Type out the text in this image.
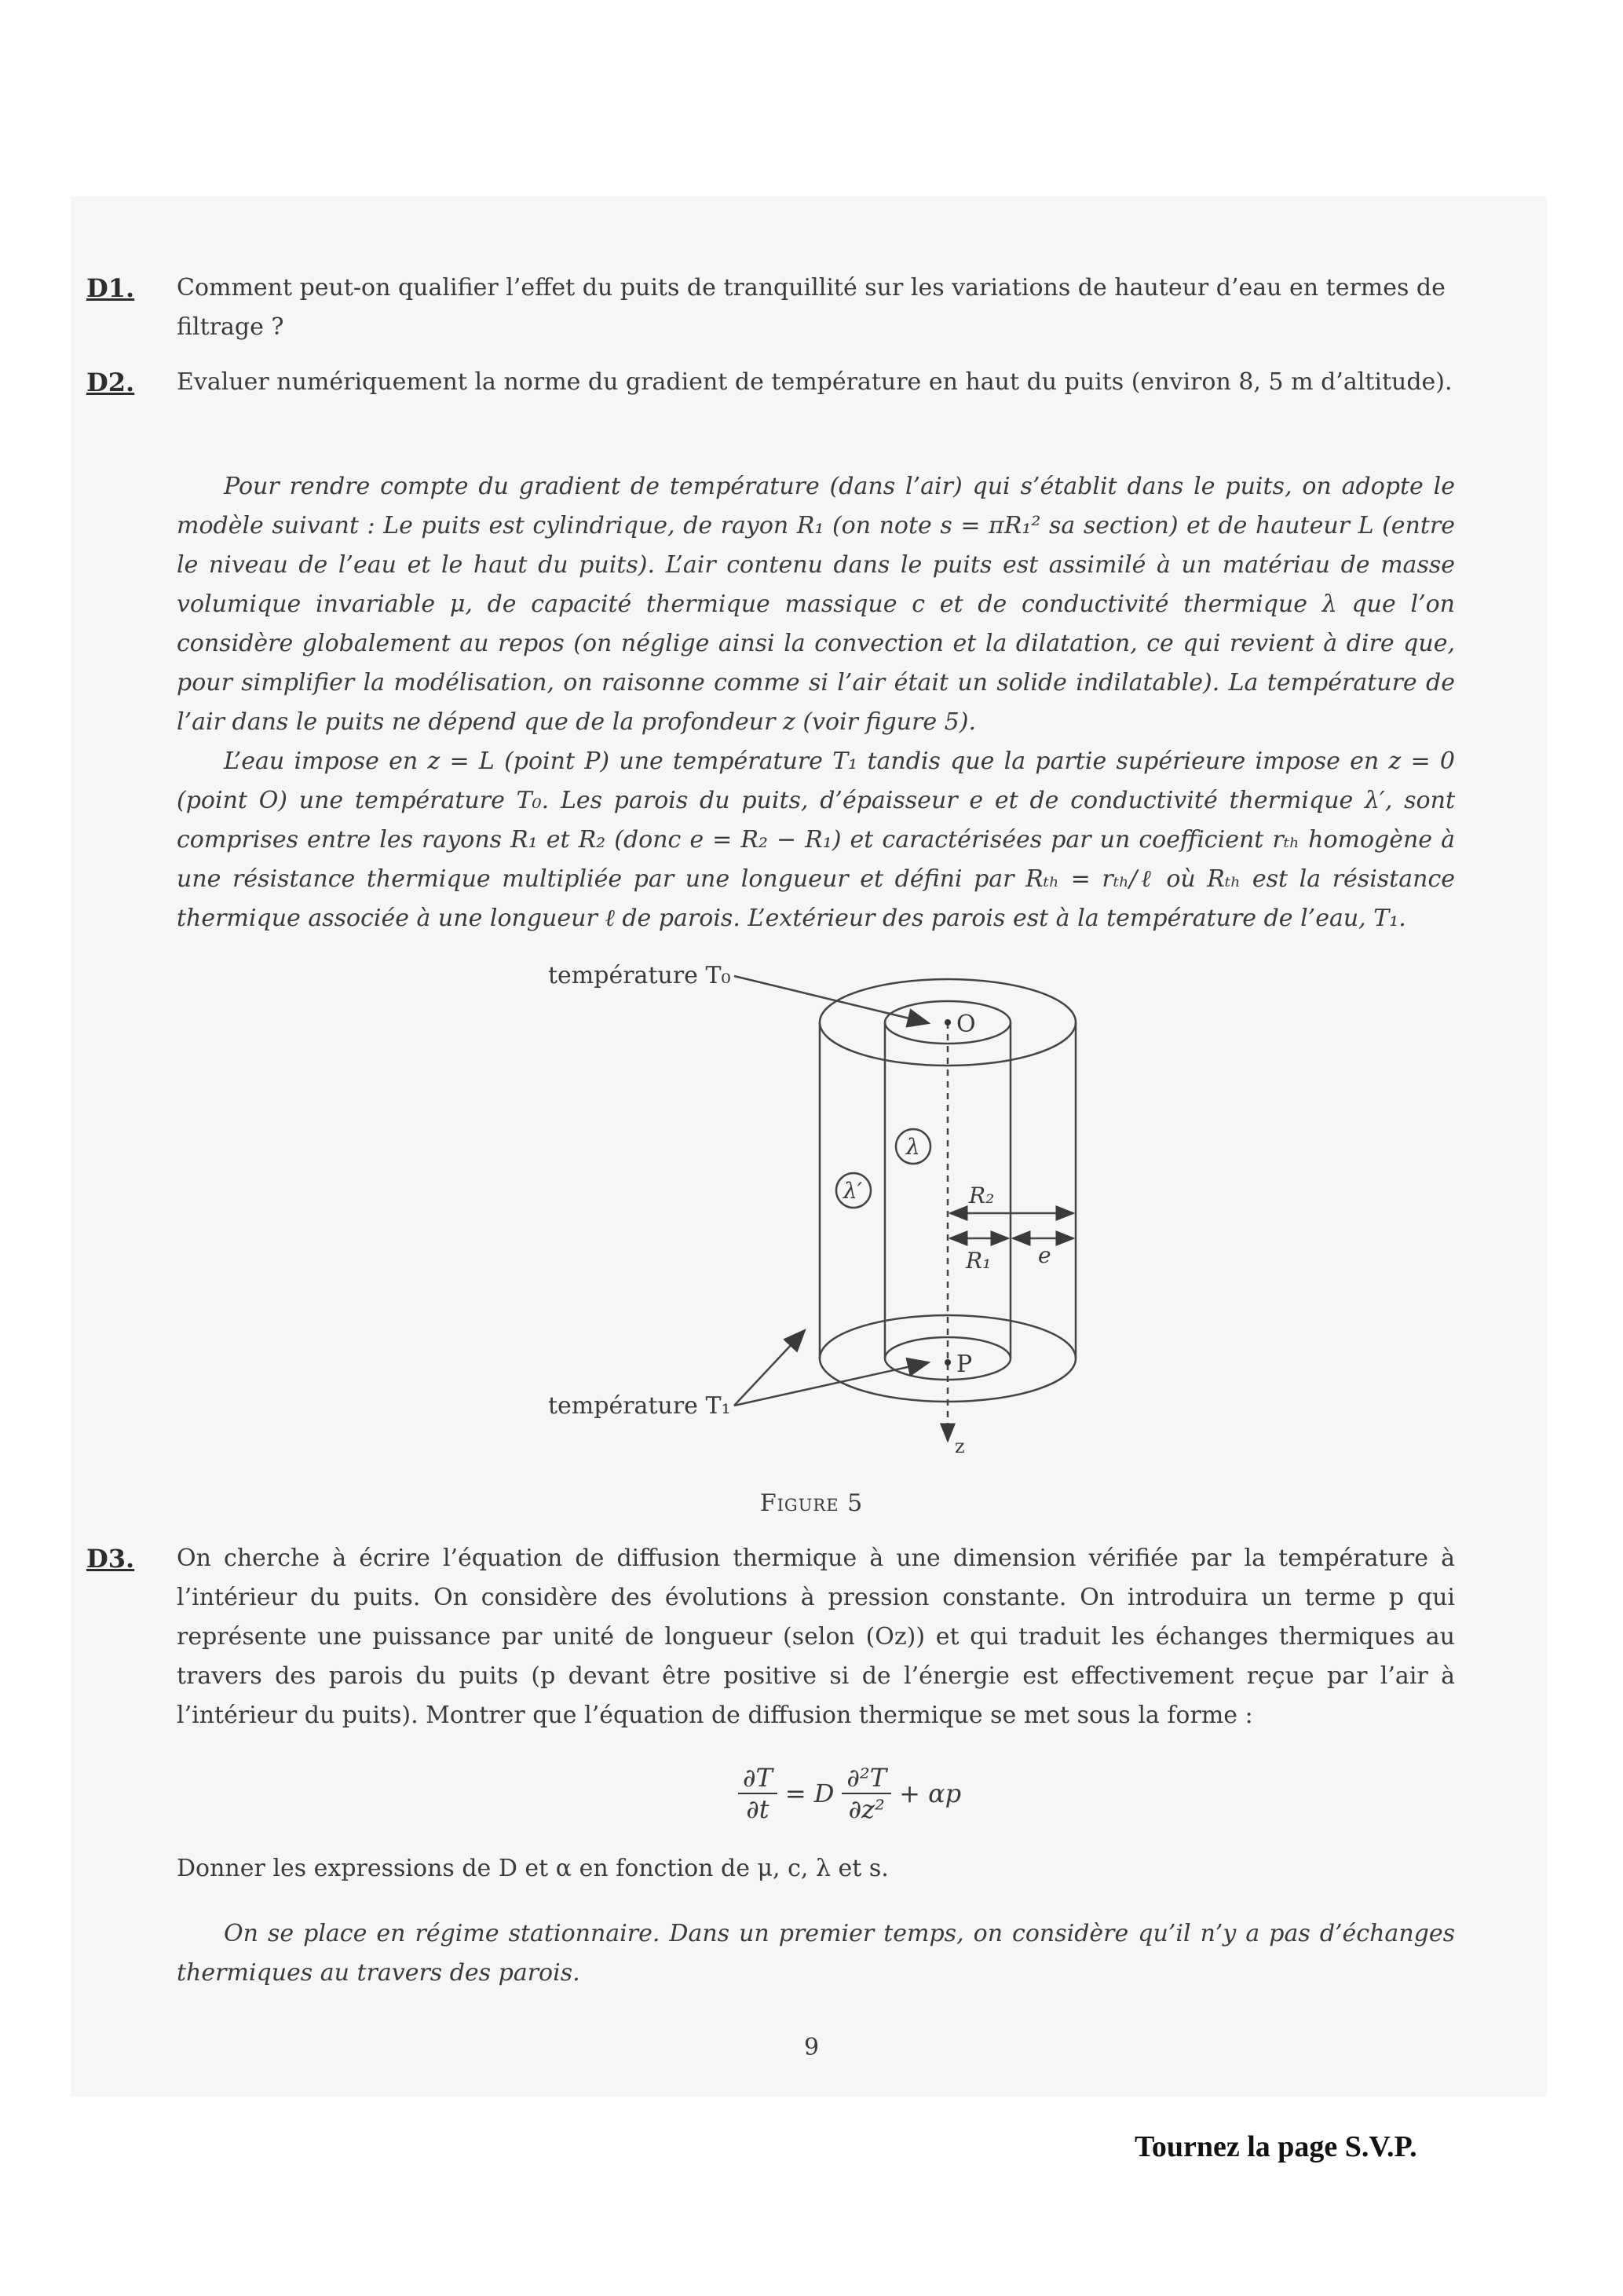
D1. Comment peut-on qualifier l’effet du puits de tranquillité sur les variations de hauteur d’eau en termes de filtrage ?
D2. Evaluer numériquement la norme du gradient de température en haut du puits (environ 8, 5 m d’altitude).

Pour rendre compte du gradient de température (dans l’air) qui s’établit dans le puits, on adopte le modèle suivant : Le puits est cylindrique, de rayon R₁ (on note s = πR₁² sa section) et de hauteur L (entre le niveau de l’eau et le haut du puits). L’air contenu dans le puits est assimilé à un matériau de masse volumique invariable μ, de capacité thermique massique c et de conductivité thermique λ que l’on considère globalement au repos (on néglige ainsi la convection et la dilatation, ce qui revient à dire que, pour simplifier la modélisation, on raisonne comme si l’air était un solide indilatable). La température de l’air dans le puits ne dépend que de la profondeur z (voir figure 5).

L’eau impose en z = L (point P) une température T₁ tandis que la partie supérieure impose en z = 0 (point O) une température T₀. Les parois du puits, d’épaisseur e et de conductivité thermique λ′, sont comprises entre les rayons R₁ et R₂ (donc e = R₂ − R₁) et caractérisées par un coefficient rₜₕ homogène à une résistance thermique multipliée par une longueur et défini par Rₜₕ = rₜₕ/ℓ où Rₜₕ est la résistance thermique associée à une longueur ℓ de parois. L’extérieur des parois est à la température de l’eau, T₁.

température T₀
température T₁
O
P
z
λ
λ′	R₂
R₁ e
Figure 5
D3. On cherche à écrire l’équation de diffusion thermique à une dimension vérifiée par la température à l’intérieur du puits. On considère des évolutions à pression constante. On introduira un terme p qui représente une puissance par unité de longueur (selon (Oz)) et qui traduit les échanges thermiques au travers des parois du puits (p devant être positive si de l’énergie est effectivement reçue par l’air à l’intérieur du puits). Montrer que l’équation de diffusion thermique se met sous la forme :
$\frac{\partial T}{\partial t} = D \frac{\text{∂²T}}{\text{∂z²}} + \alpha p$
Donner les expressions de D et α en fonction de μ, c, λ et s.

On se place en régime stationnaire. Dans un premier temps, on considère qu’il n’y a pas d’échanges thermiques au travers des parois.

9
Tournez la page S.V.P.
